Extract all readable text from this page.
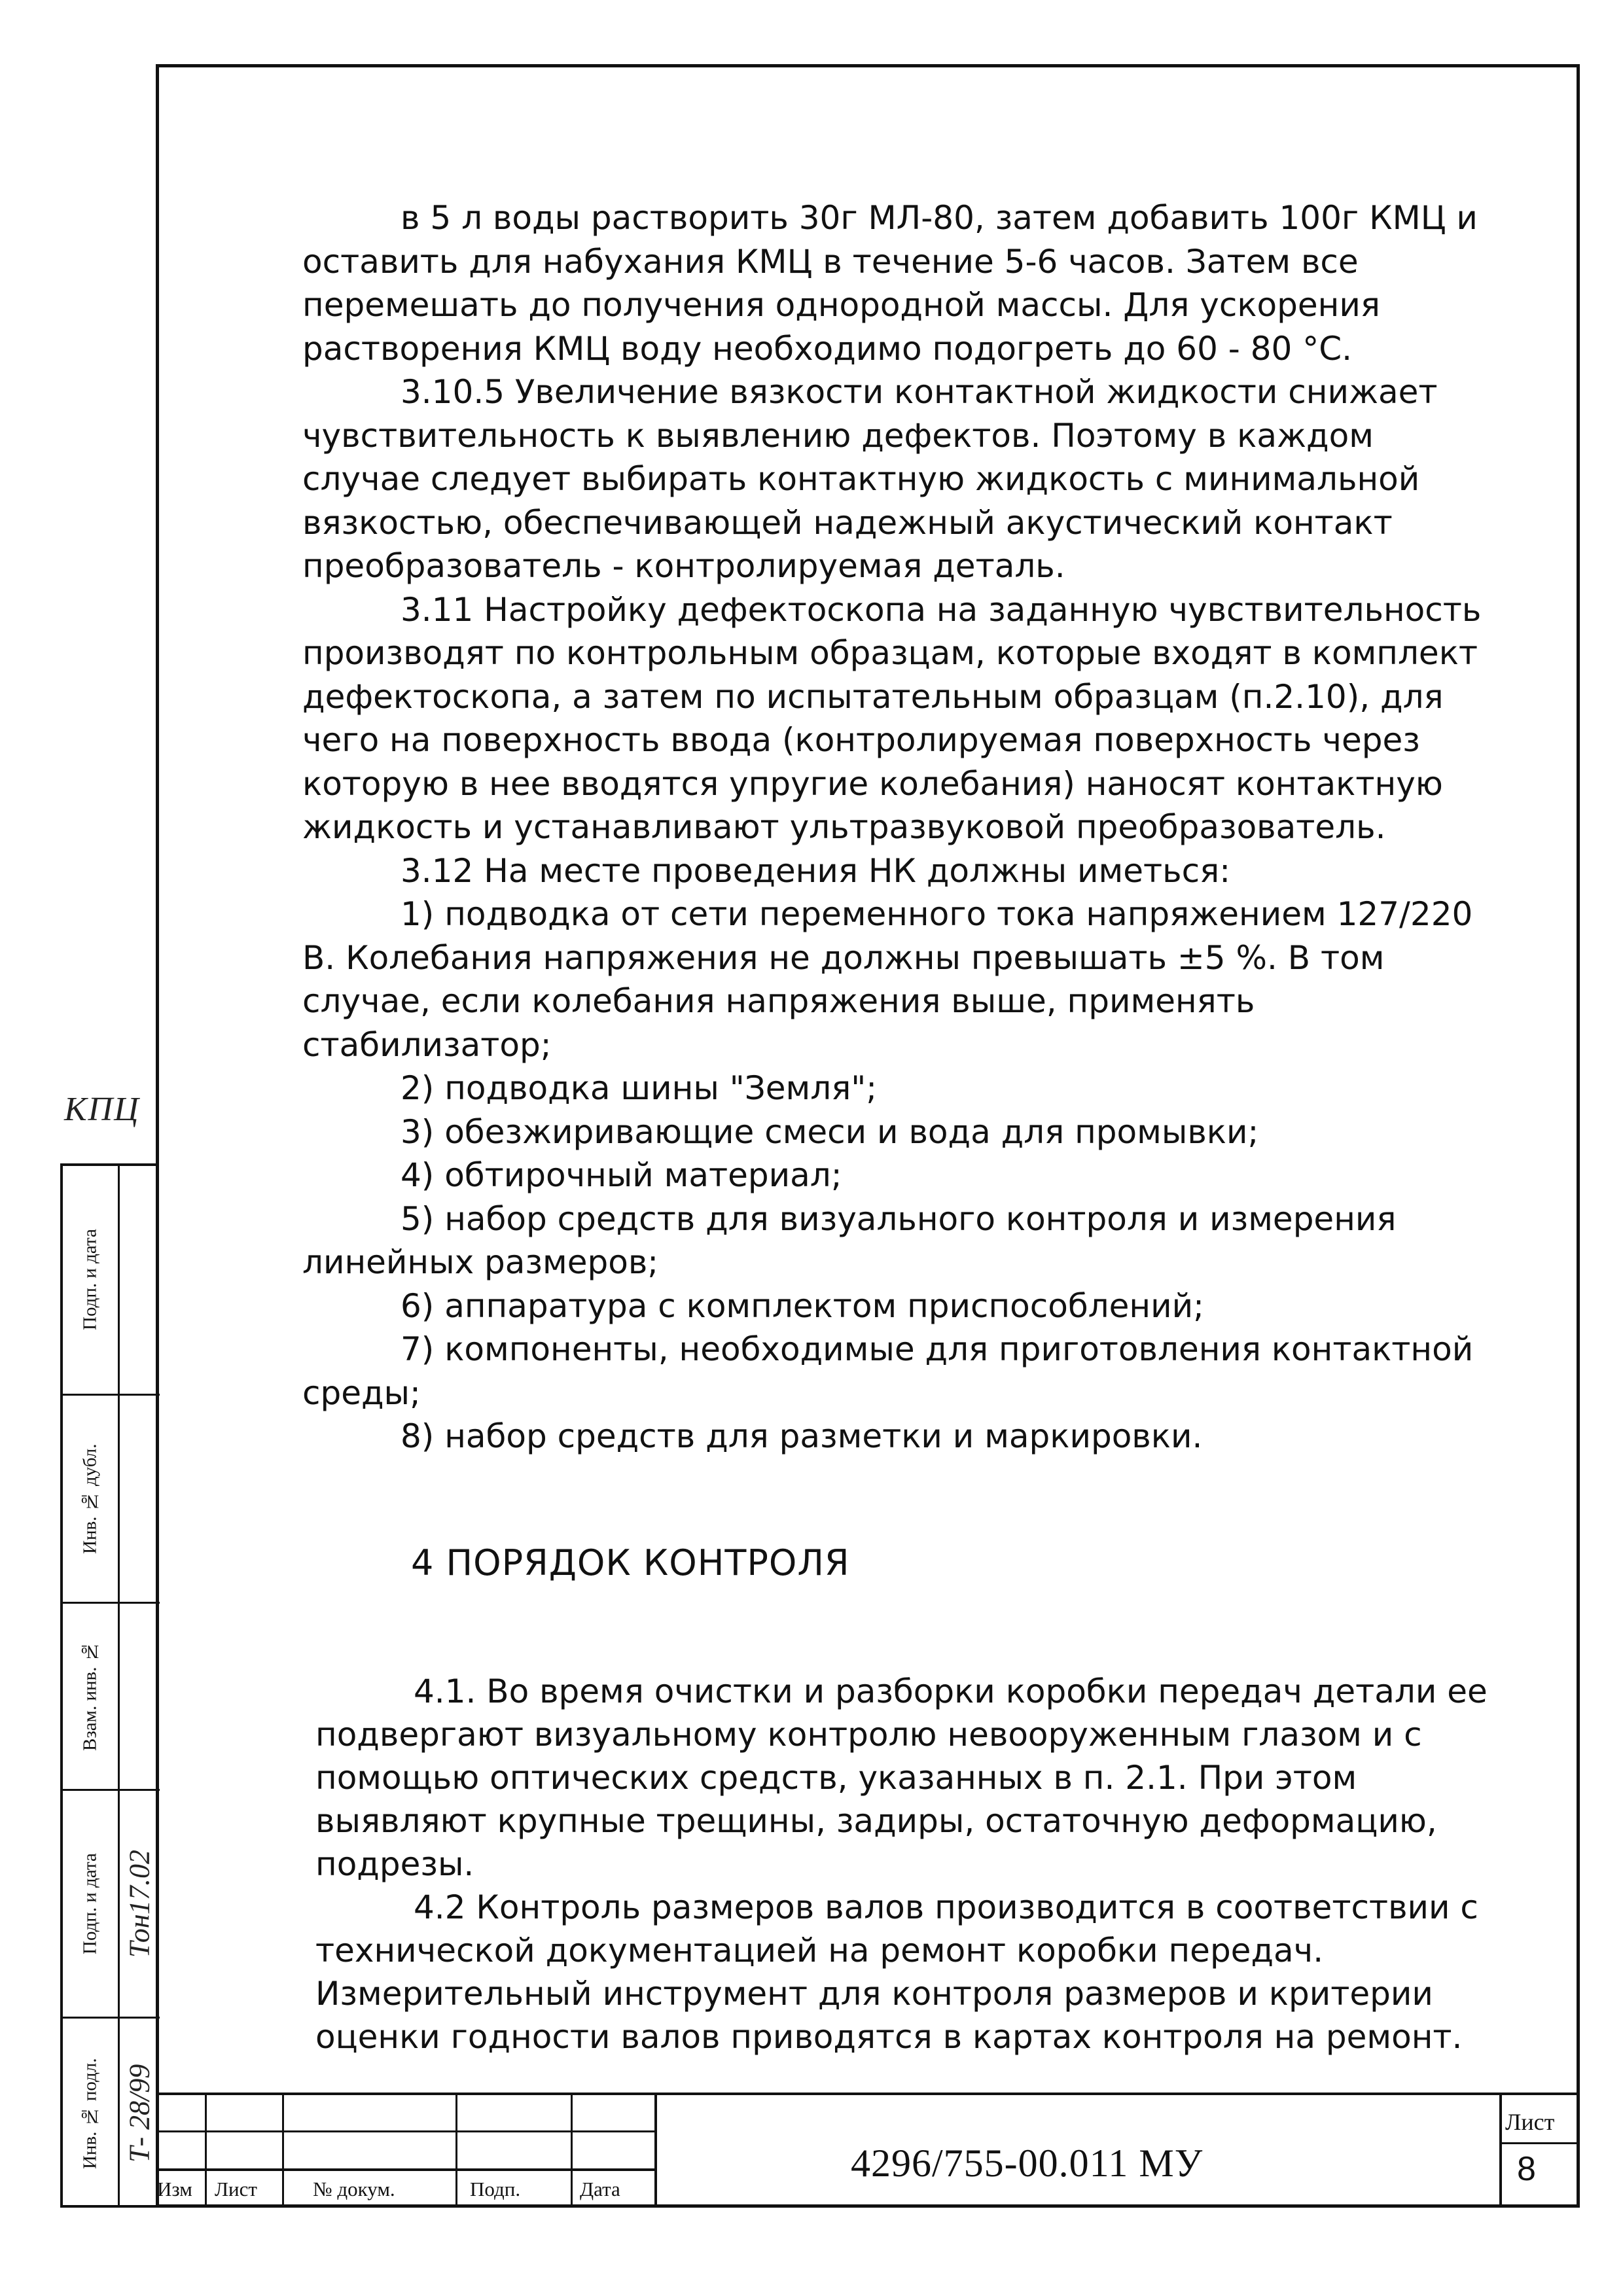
в 5 л воды растворить 30г МЛ-80, затем добавить 100г КМЦ и оставить для набухания КМЦ в течение 5-6 часов. Затем все перемешать до получения однородной массы. Для ускорения растворения КМЦ воду необходимо подогреть до 60 - 80 °С.

3.10.5 Увеличение вязкости контактной жидкости снижает чувствительность к выявлению дефектов. Поэтому в каждом случае следует выбирать контактную жидкость с минимальной вязкостью, обеспечивающей надежный акустический контакт преобразователь - контролируемая деталь.

3.11 Настройку дефектоскопа на заданную чувствительность производят по контрольным образцам, которые входят в комплект дефектоскопа, а затем по испытательным образцам (п.2.10), для чего на поверхность ввода (контролируемая поверхность через которую в нее вводятся упругие колебания) наносят контактную жидкость и устанавливают ультразвуковой преобразователь.

3.12 На месте проведения НК должны иметься:

1) подводка от сети переменного тока напряжением 127/220 В. Колебания напряжения не должны превышать ±5 %. В том случае, если колебания напряжения выше, применять стабилизатор;

2) подводка шины "Земля";

3) обезжиривающие смеси и вода для промывки;

4) обтирочный материал;

5) набор средств для визуального контроля и измерения линейных размеров;

6) аппаратура с комплектом приспособлений;

7) компоненты, необходимые для приготовления контактной среды;

8) набор средств для разметки и маркировки.

4 ПОРЯДОК КОНТРОЛЯ

4.1. Во время очистки и разборки коробки передач детали ее подвергают визуальному контролю невооруженным глазом и с помощью оптических средств, указанных в п. 2.1. При этом выявляют крупные трещины, задиры, остаточную деформацию, подрезы.

4.2 Контроль размеров валов производится в соответствии с технической документацией на ремонт коробки передач. Измерительный инструмент для контроля размеров и критерии оценки годности валов приводятся в картах контроля на ремонт.

КПЦ
Подп. и дата
Инв. № дубл.
Взам. инв. №
Подп. и дата
Инв. № подл.
Тон
17.02
Т- 28/99
Изм Лист	№ докум.	Подп.	Дата
4296/755-00.011 МУ
Лист
8
